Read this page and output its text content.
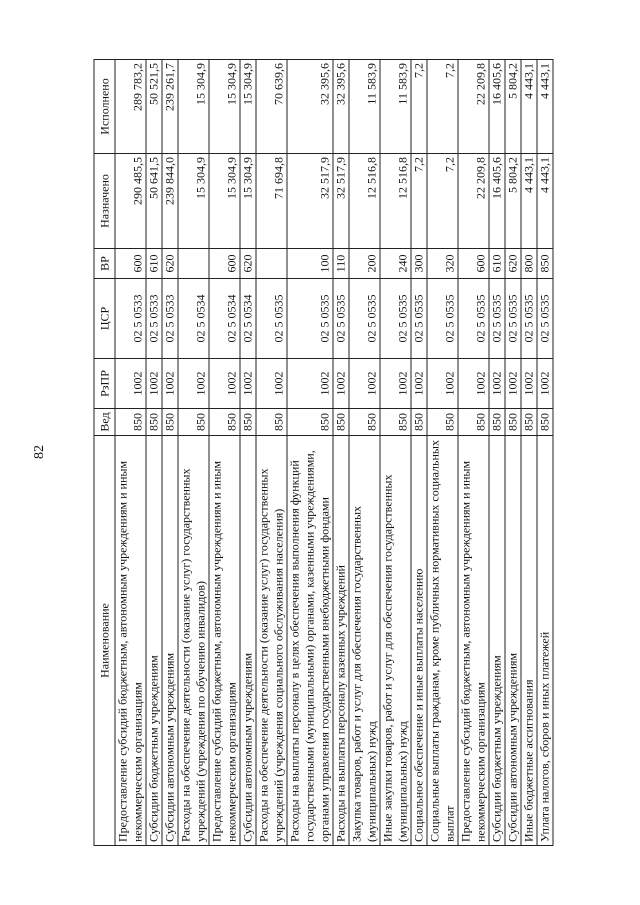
82
Наименование	Вед	РзПР	ЦСР	ВР	Назначено	Исполнено
Предоставление субсидий бюджетным, автономным учреждениям и иным некоммерческим организациям	850	1002	02 5 0533	600	290 485,5	289 783,2
Субсидии бюджетным учреждениям	850	1002	02 5 0533	610	50 641,5	50 521,5
Субсидии автономным учреждениям	850	1002	02 5 0533	620	239 844,0	239 261,7
Расходы на обеспечение деятельности (оказание услуг) государственных учреждений (учреждения по обучению инвалидов)	850	1002	02 5 0534		15 304,9	15 304,9
Предоставление субсидий бюджетным, автономным учреждениям и иным некоммерческим организациям	850	1002	02 5 0534	600	15 304,9	15 304,9
Субсидии автономным учреждениям	850	1002	02 5 0534	620	15 304,9	15 304,9
Расходы на обеспечение деятельности (оказание услуг) государственных учреждений (учреждения социального обслуживания населения)	850	1002	02 5 0535		71 694,8	70 639,6
Расходы на выплаты персоналу в целях обеспечения выполнения функций государственными (муниципальными) органами, казенными учреждениями, органами управления государственными внебюджетными фондами	850	1002	02 5 0535	100	32 517,9	32 395,6
Расходы на выплаты персоналу казенных учреждений	850	1002	02 5 0535	110	32 517,9	32 395,6
Закупка товаров, работ и услуг для обеспечения государственных (муниципальных) нужд	850	1002	02 5 0535	200	12 516,8	11 583,9
Иные закупки товаров, работ и услуг для обеспечения государственных (муниципальных) нужд	850	1002	02 5 0535	240	12 516,8	11 583,9
Социальное обеспечение и иные выплаты населению	850	1002	02 5 0535	300	7,2	7,2
Социальные выплаты гражданам, кроме публичных нормативных социальных выплат	850	1002	02 5 0535	320	7,2	7,2
Предоставление субсидий бюджетным, автономным учреждениям и иным некоммерческим организациям	850	1002	02 5 0535	600	22 209,8	22 209,8
Субсидии бюджетным учреждениям	850	1002	02 5 0535	610	16 405,6	16 405,6
Субсидии автономным учреждениям	850	1002	02 5 0535	620	5 804,2	5 804,2
Иные бюджетные ассигнования	850	1002	02 5 0535	800	4 443,1	4 443,1
Уплата налогов, сборов и иных платежей	850	1002	02 5 0535	850	4 443,1	4 443,1
